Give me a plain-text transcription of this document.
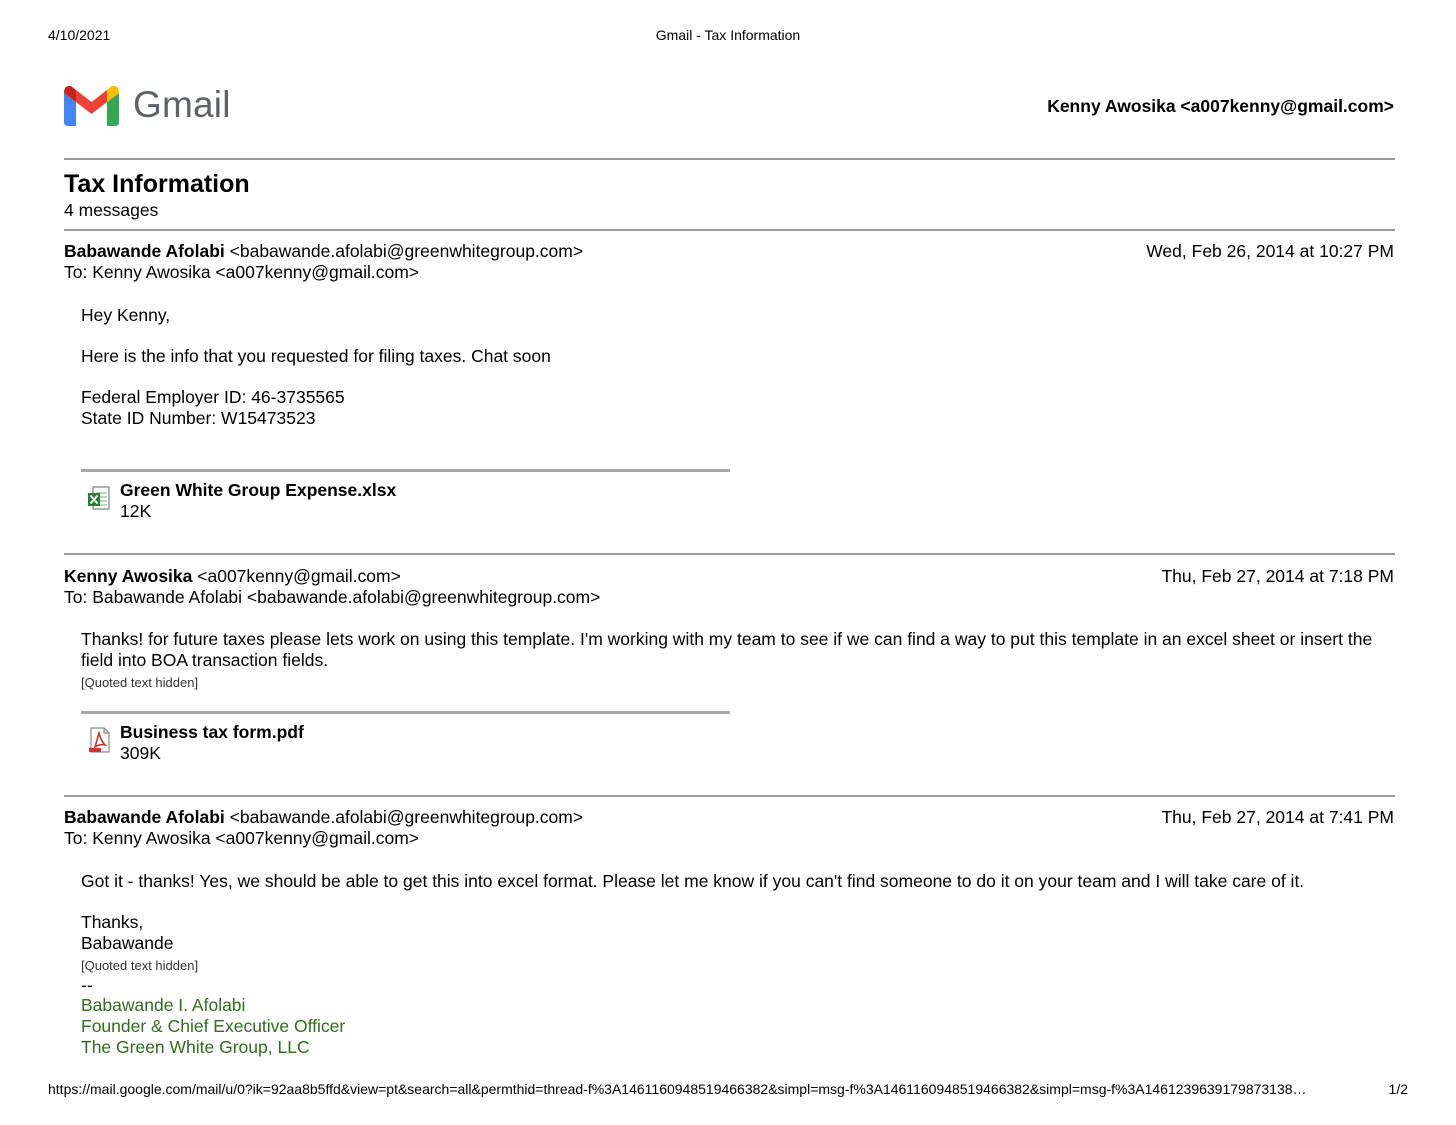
4/10/2021	Gmail - Tax Information
Gmail	Kenny Awosika <a007kenny@gmail.com>
Tax Information
4 messages
Babawande Afolabi <babawande.afolabi@greenwhitegroup.com>	Wed, Feb 26, 2014 at 10:27 PM
To: Kenny Awosika <a007kenny@gmail.com>
Hey Kenny,
Here is the info that you requested for filing taxes. Chat soon
Federal Employer ID: 46-3735565
State ID Number: W15473523
Green White Group Expense.xlsx
12K
Kenny Awosika <a007kenny@gmail.com>	Thu, Feb 27, 2014 at 7:18 PM
To: Babawande Afolabi <babawande.afolabi@greenwhitegroup.com>
Thanks! for future taxes please lets work on using this template. I'm working with my team to see if we can find a way to put this template in an excel sheet or insert the field into BOA transaction fields.
[Quoted text hidden]
Business tax form.pdf
309K
Babawande Afolabi <babawande.afolabi@greenwhitegroup.com>	Thu, Feb 27, 2014 at 7:41 PM
To: Kenny Awosika <a007kenny@gmail.com>
Got it - thanks! Yes, we should be able to get this into excel format. Please let me know if you can't find someone to do it on your team and I will take care of it.
Thanks,
Babawande
[Quoted text hidden]
--
Babawande I. Afolabi
Founder & Chief Executive Officer
The Green White Group, LLC
https://mail.google.com/mail/u/0?ik=92aa8b5ffd&view=pt&search=all&permthid=thread-f%3A1461160948519466382&simpl=msg-f%3A1461160948519466382&simpl=msg-f%3A1461239639179873138…	1/2
